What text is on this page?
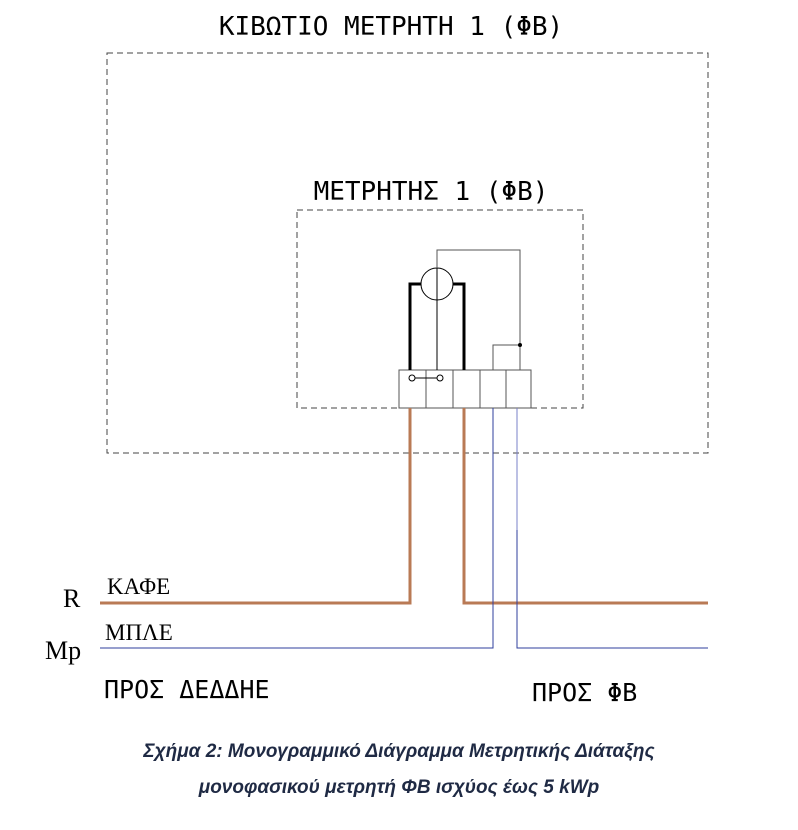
ΚΙΒΩΤΙΟ ΜΕΤΡΗΤΗ 1 (ΦΒ)
ΜΕΤΡΗΤΗΣ 1 (ΦΒ)
R
Mp
ΚΑΦΕ
ΜΠΛΕ
ΠΡΟΣ ΔΕΔΔΗΕ	ΠΡΟΣ ΦΒ
Σχήμα 2: Μονογραμμικό Διάγραμμα Μετρητικής Διάταξης
μονοφασικού μετρητή ΦΒ ισχύος έως 5 kWp
